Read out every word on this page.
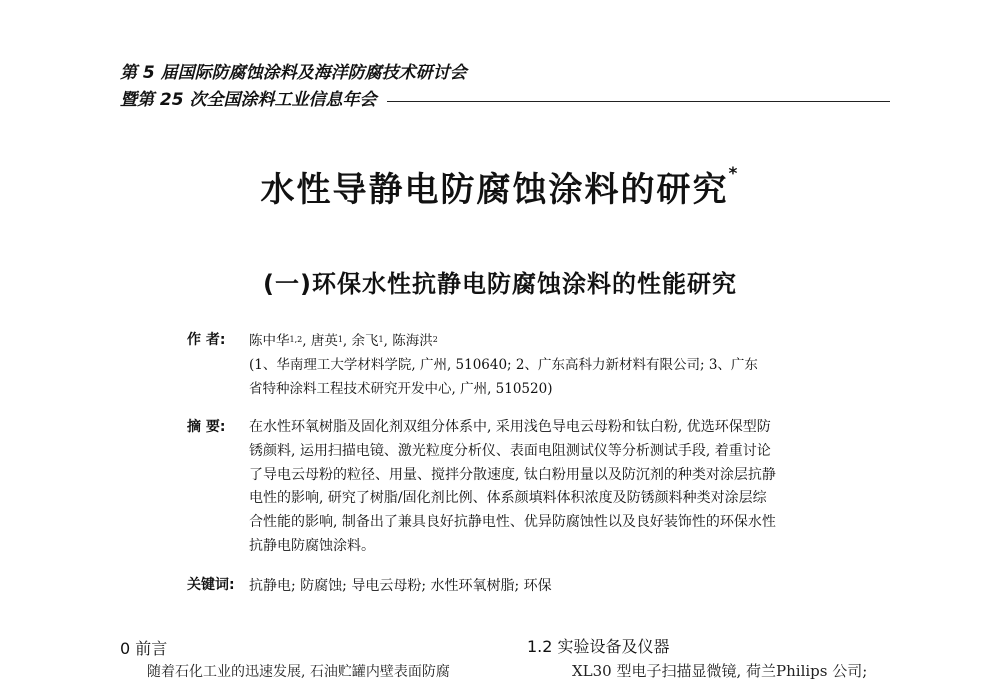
第 5 届国际防腐蚀涂料及海洋防腐技术研讨会
暨第 25 次全国涂料工业信息年会
水性导静电防腐蚀涂料的研究*
(一)环保水性抗静电防腐蚀涂料的性能研究
作 者: 陈中华$^{1,2}$, 唐英$^1$, 余飞$^1$, 陈海洪$^2$
(1、华南理工大学材料学院, 广州, 510640; 2、广东高科力新材料有限公司; 3、广东
省特种涂料工程技术研究开发中心, 广州, 510520)
摘 要: 在水性环氧树脂及固化剂双组分体系中, 采用浅色导电云母粉和钛白粉, 优选环保型防
锈颜料, 运用扫描电镜、激光粒度分析仪、表面电阻测试仪等分析测试手段, 着重讨论
了导电云母粉的粒径、用量、搅拌分散速度, 钛白粉用量以及防沉剂的种类对涂层抗静
电性的影响, 研究了树脂/固化剂比例、体系颜填料体积浓度及防锈颜料种类对涂层综
合性能的影响, 制备出了兼具良好抗静电性、优异防腐蚀性以及良好装饰性的环保水性
抗静电防腐蚀涂料。
关键词: 抗静电; 防腐蚀; 导电云母粉; 水性环氧树脂; 环保
0 前言
随着石化工业的迅速发展, 石油贮罐内壁表面防腐
1.2 实验设备及仪器
XL30 型电子扫描显微镜, 荷兰Philips 公司;
